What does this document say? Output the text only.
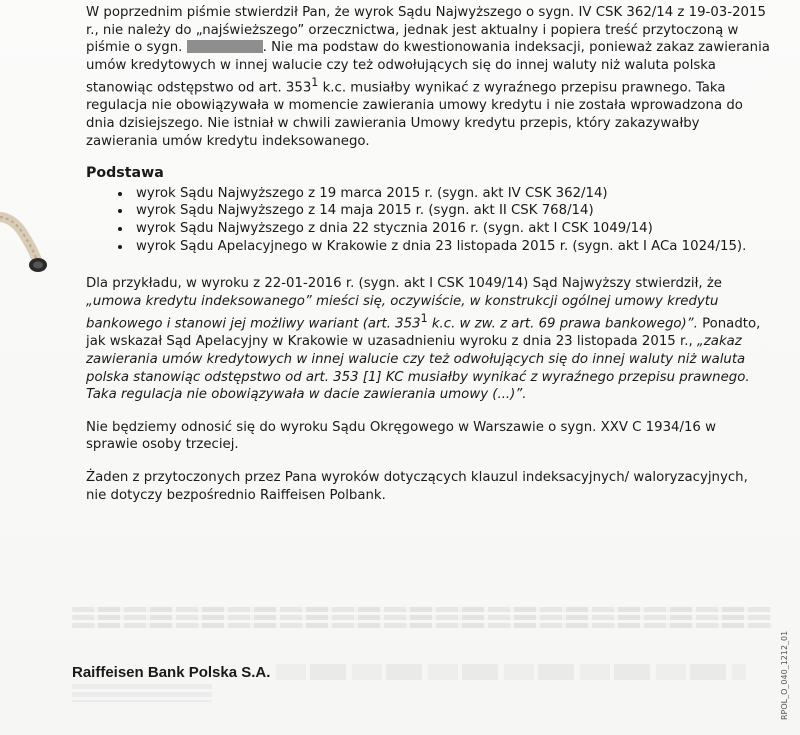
W poprzednim piśmie stwierdził Pan, że wyrok Sądu Najwyższego o sygn. IV CSK 362/14 z 19-03-2015 r., nie należy do „najświeższego” orzecznictwa, jednak jest aktualny i popiera treść przytoczoną w piśmie o sygn.	. Nie ma podstaw do kwestionowania indeksacji, ponieważ zakaz zawierania umów kredytowych w innej walucie czy też odwołujących się do innej waluty niż waluta polska stanowiąc odstępstwo od art. $353^1$ k.c. musiałby wynikać z wyraźnego przepisu prawnego. Taka regulacja nie obowiązywała w momencie zawierania umowy kredytu i nie została wprowadzona do dnia dzisiejszego. Nie istniał w chwili zawierania Umowy kredytu przepis, który zakazywałby zawierania umów kredytu indeksowanego.

Podstawa
• wyrok Sądu Najwyższego z 19 marca 2015 r. (sygn. akt IV CSK 362/14)
• wyrok Sądu Najwyższego z 14 maja 2015 r. (sygn. akt II CSK 768/14)
• wyrok Sądu Najwyższego z dnia 22 stycznia 2016 r. (sygn. akt I CSK 1049/14)
• wyrok Sądu Apelacyjnego w Krakowie z dnia 23 listopada 2015 r. (sygn. akt I ACa 1024/15).

Dla przykładu, w wyroku z 22-01-2016 r. (sygn. akt I CSK 1049/14) Sąd Najwyższy stwierdził, że „umowa kredytu indeksowanego” mieści się, oczywiście, w konstrukcji ogólnej umowy kredytu bankowego i stanowi jej możliwy wariant (art. $353^1$ k.c. w zw. z art. 69 prawa bankowego)”. Ponadto, jak wskazał Sąd Apelacyjny w Krakowie w uzasadnieniu wyroku z dnia 23 listopada 2015 r., „zakaz zawierania umów kredytowych w innej walucie czy też odwołujących się do innej waluty niż waluta polska stanowiąc odstępstwo od art. 353 [1] KC musiałby wynikać z wyraźnego przepisu prawnego. Taka regulacja nie obowiązywała w dacie zawierania umowy (...)”.

Nie będziemy odnosić się do wyroku Sądu Okręgowego w Warszawie o sygn. XXV C 1934/16 w sprawie osoby trzeciej.

Żaden z przytoczonych przez Pana wyroków dotyczących klauzul indeksacyjnych/ waloryzacyjnych, nie dotyczy bezpośrednio Raiffeisen Polbank.

Raiffeisen Bank Polska S.A.	RPOL_O_040_1212_01
